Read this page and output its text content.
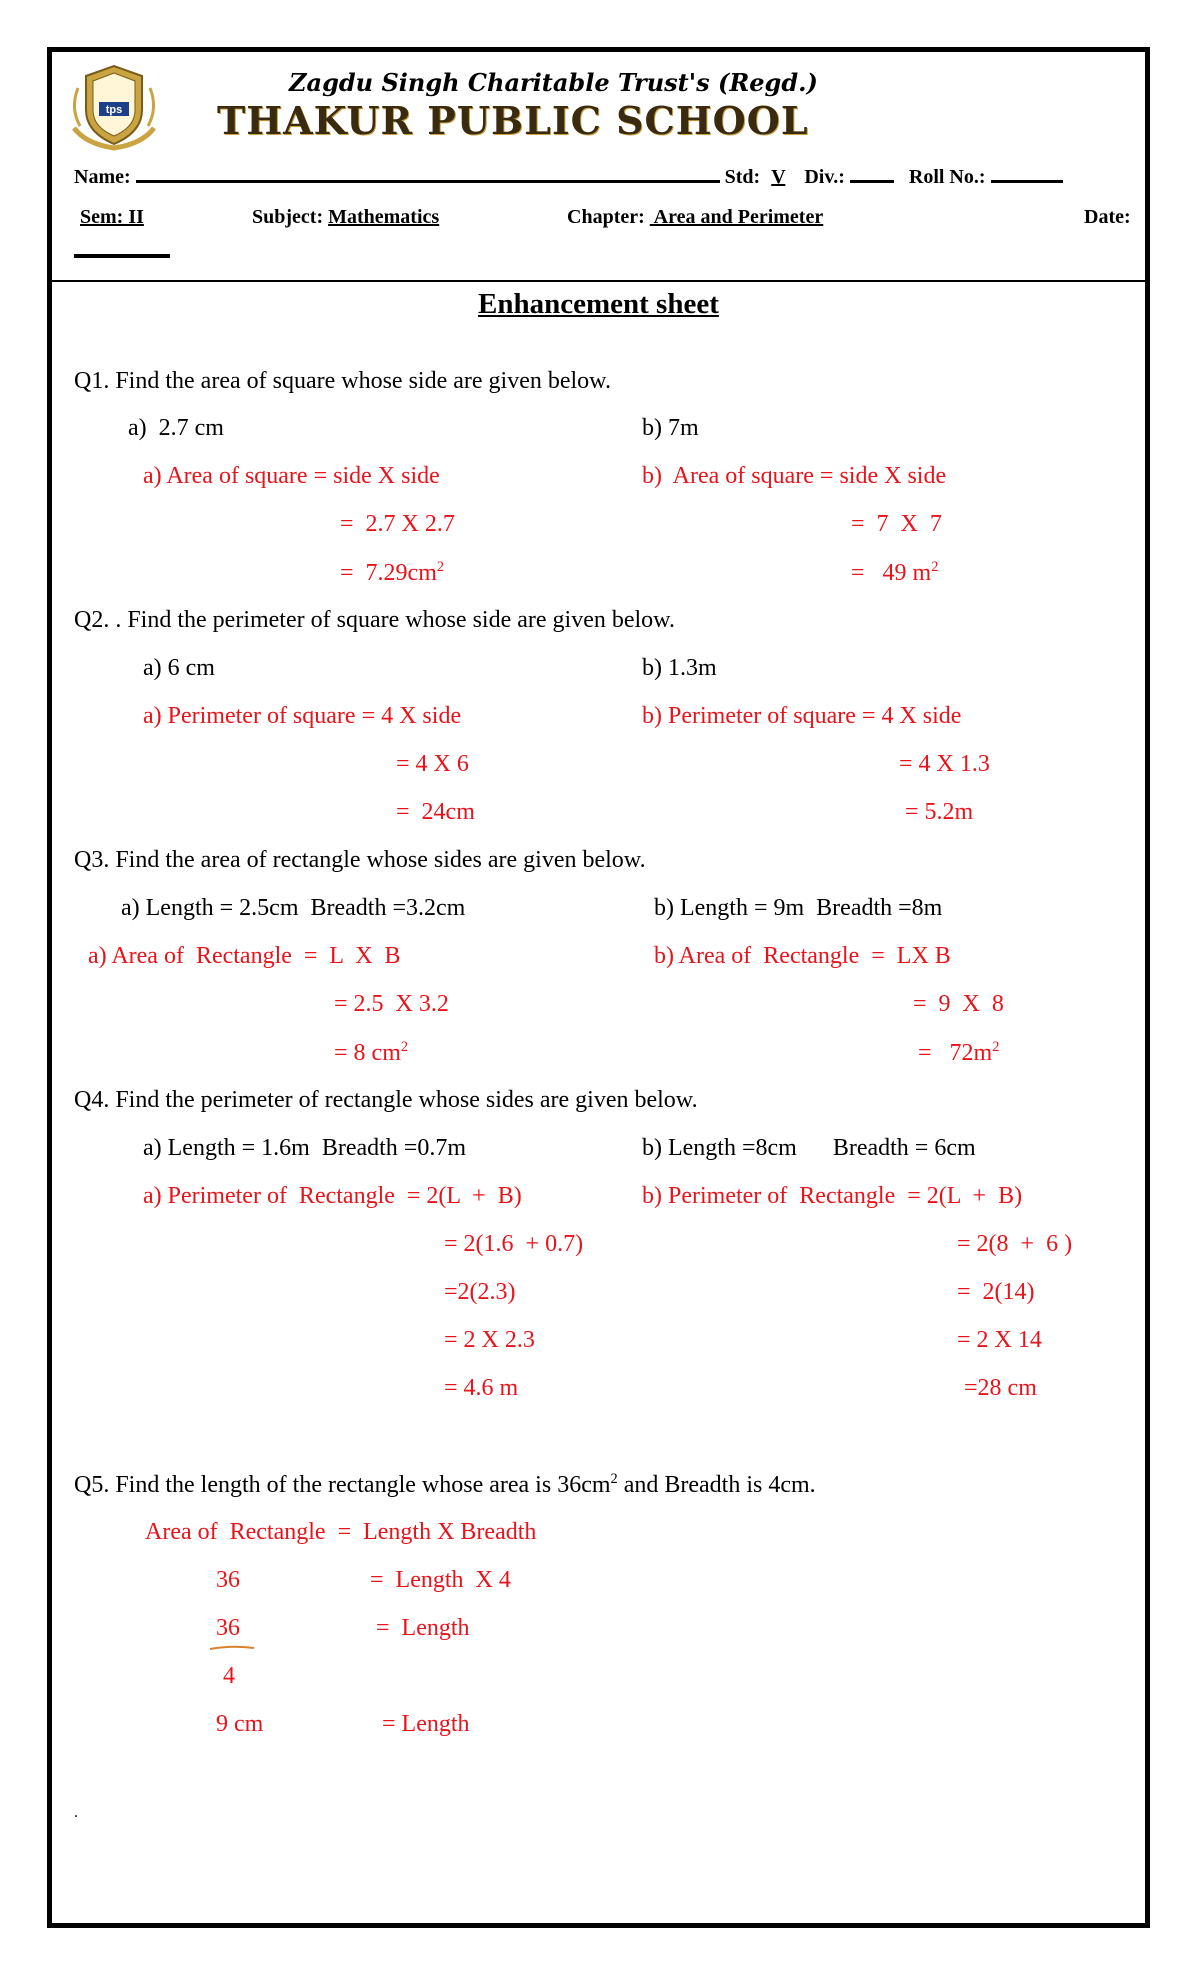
tps
Zagdu Singh Charitable Trust's (Regd.)
THAKUR PUBLIC SCHOOL
Name:	Std: V Div.:	Roll No.:
Sem: II	Subject: Mathematics	Chapter:  Area and Perimeter	Date:
Enhancement sheet
Q1. Find the area of square whose side are given below.
a)  2.7 cm	b) 7m
a) Area of square = side X side
=  2.7 X 2.7
=  $7.29cm^2$
b)  Area of square = side X side
=  7  X  7
=   49 $m^2$
Q2. . Find the perimeter of square whose side are given below.
a) 6 cm	b) 1.3m
a) Perimeter of square = 4 X side
= 4 X 6
=  24cm
b) Perimeter of square = 4 X side
= 4 X 1.3
= 5.2m
Q3. Find the area of rectangle whose sides are given below.
a) Length = 2.5cm  Breadth =3.2cm	b) Length = 9m  Breadth =8m
a) Area of  Rectangle  =  L  X  B
= 2.5  X 3.2
= 8 $cm^2$
b) Area of  Rectangle  =  LX B
=  9  X  8
=   $72m^2$
Q4. Find the perimeter of rectangle whose sides are given below.
a) Length = 1.6m  Breadth =0.7m	b) Length =8cm      Breadth = 6cm
a) Perimeter of  Rectangle  = 2(L  +  B)
= 2(1.6  + 0.7)
=2(2.3)
= 2 X 2.3
= 4.6 m
b) Perimeter of  Rectangle  = 2(L  +  B)
= 2(8  +  6 )
=  2(14)
= 2 X 14
=28 cm
Q5. Find the length of the rectangle whose area is $36cm^2$ and Breadth is 4cm.
Area of  Rectangle  =  Length X Breadth
36	=  Length  X 4
36	=  Length
4
9 cm	= Length
.
